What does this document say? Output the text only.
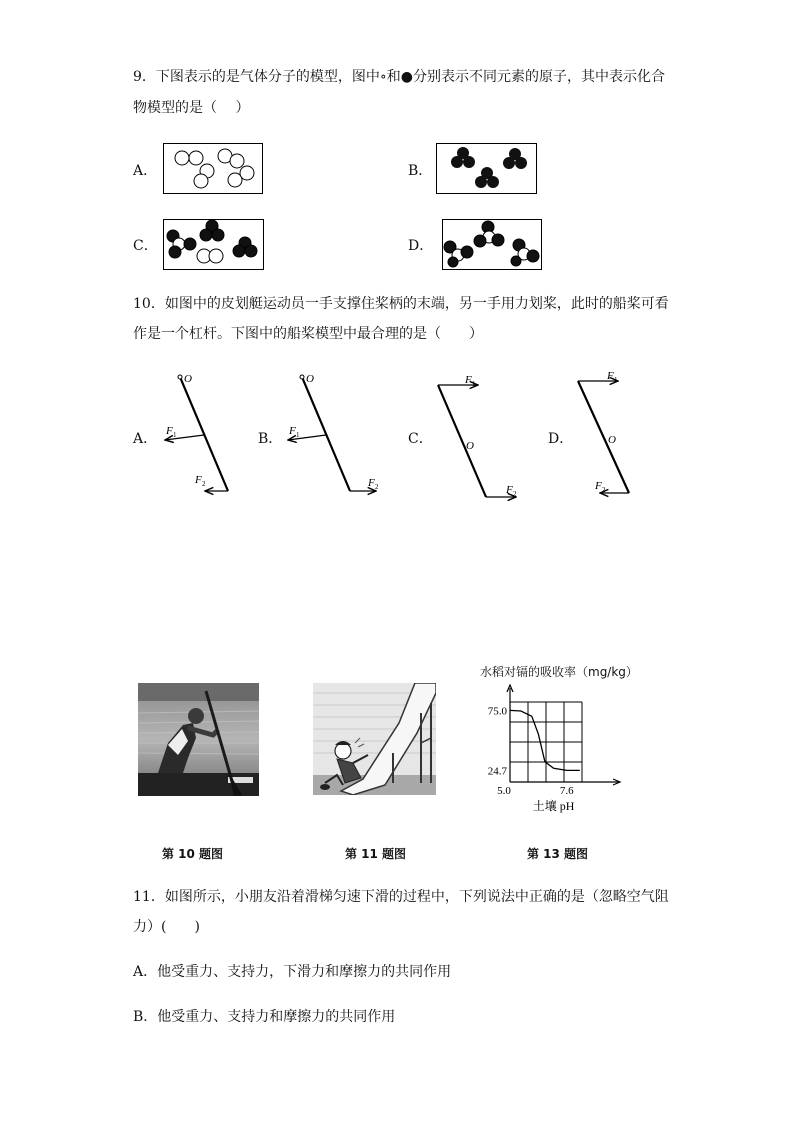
9．下图表示的是气体分子的模型，图中∘和●分别表示不同元素的原子，其中表示化合
物模型的是（　 ）
A．	B．
C．	D．
10．如图中的皮划艇运动员一手支撑住桨柄的末端，另一手用力划桨，此时的船桨可看
作是一个杠杆。下图中的船桨模型中最合理的是（　　）
A．
O
F 1
F 2
B．
O
F 1
F 2
C．
F 1
O
F 2
D．
F 1
O
F 2
水稻对镉的吸收率（mg/kg）
75.0
24.7
5.0	7.6
土壤 pH
第 10 题图	第 11 题图	第 13 题图
11．如图所示，小朋友沿着滑梯匀速下滑的过程中，下列说法中正确的是（忽略空气阻
力）(　　)
A．他受重力、支持力，下滑力和摩擦力的共同作用
B．他受重力、支持力和摩擦力的共同作用
